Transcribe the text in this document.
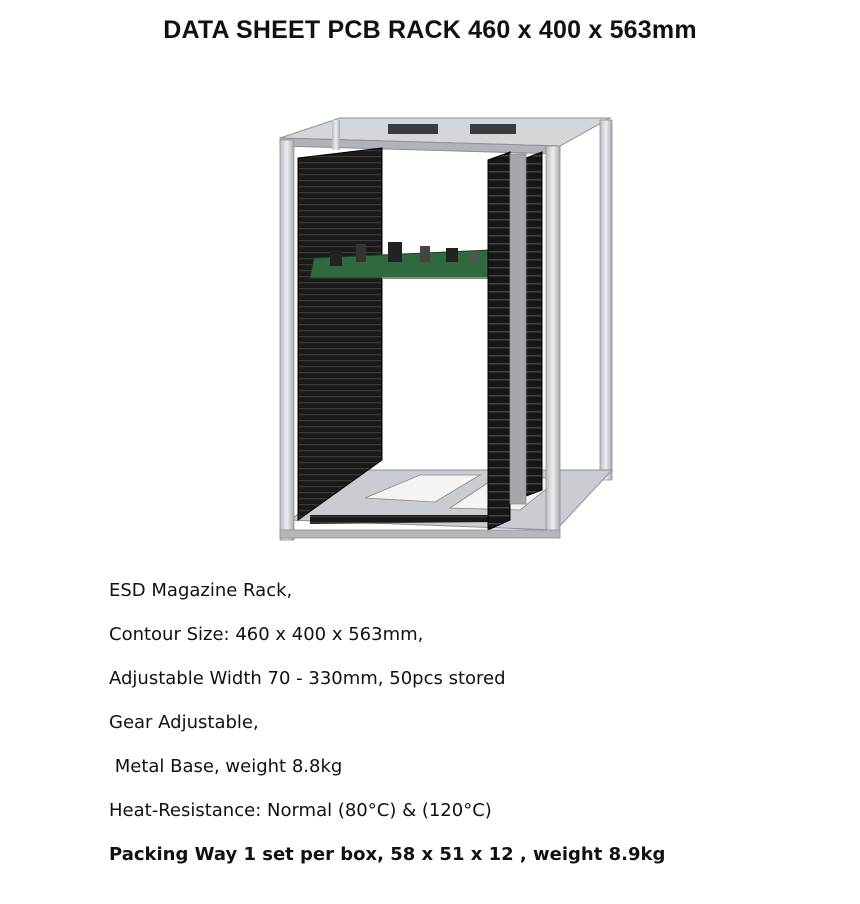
DATA SHEET PCB RACK 460 x 400 x 563mm
ESD Magazine Rack,
Contour Size: 460 x 400 x 563mm,
Adjustable Width 70 - 330mm, 50pcs stored
Gear Adjustable,
Metal Base, weight 8.8kg
Heat-Resistance: Normal (80°C) & (120°C)
Packing Way 1 set per box, 58 x 51 x 12 , weight 8.9kg
